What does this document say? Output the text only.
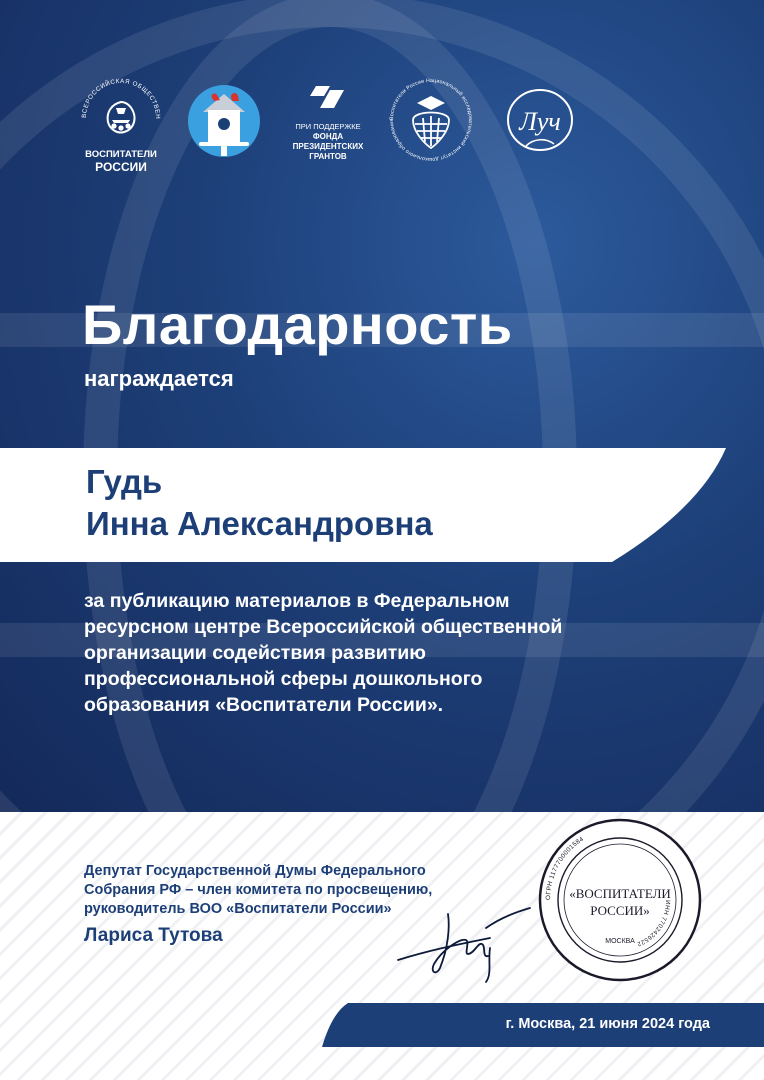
ВСЕРОССИЙСКАЯ ОБЩЕСТВЕН
ВОСПИТАТЕЛИ
РОССИИ
ПРИ ПОДДЕРЖКЕ
ФОНДА
ПРЕЗИДЕНТСКИХ
ГРАНТОВ
Воспитатели России Национальный исследовательский институт дошкольного образования	Луч
Благодарность
награждается
Гудь
Инна Александровна
за публикацию материалов в Федеральном
ресурсном центре Всероссийской общественной
организации содействия развитию
профессиональной сферы дошкольного
образования «Воспитатели России».
Депутат Государственной Думы Федерального
Собрания РФ – член комитета по просвещению,
руководитель ВОО «Воспитатели России»
Лариса Тутова
ОГРН 1177700001584
ИНН 7702426522
«ВОСПИТАТЕЛИ
РОССИИ»
МОСКВА
г. Москва, 21 июня 2024 года
